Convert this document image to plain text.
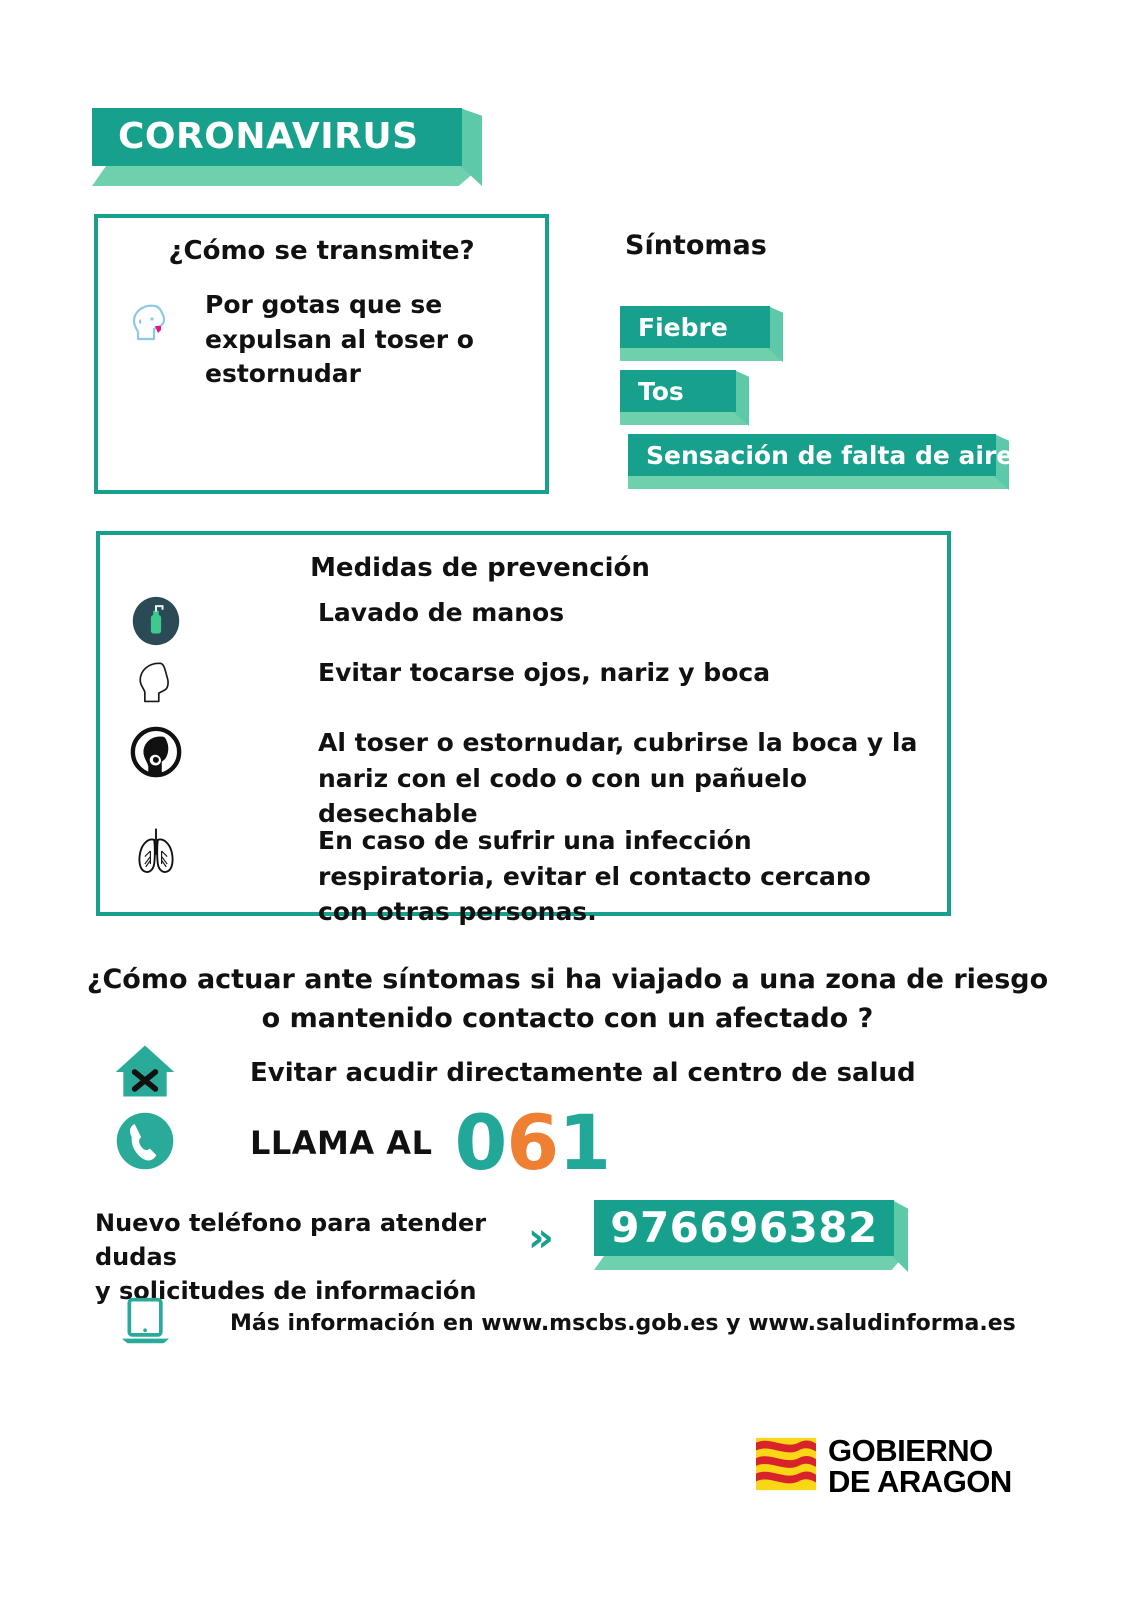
CORONAVIRUS
¿Cómo se transmite?
Por gotas que se expulsan al toser o estornudar
Síntomas
Fiebre
Tos
Sensación de falta de aire
Medidas de prevención
Lavado de manos
Evitar tocarse ojos, nariz y boca
Al toser o estornudar, cubrirse la boca y la nariz con el codo o con un pañuelo desechable
En caso de sufrir una infección respiratoria, evitar el contacto cercano con otras personas.
¿Cómo actuar ante síntomas si ha viajado a una zona de riesgo o mantenido contacto con un afectado ?
Evitar acudir directamente al centro de salud
LLAMA AL 061
Nuevo teléfono para atender dudas
y solicitudes de información
» 976696382
Más información en www.mscbs.gob.es y www.saludinforma.es
GOBIERNO
DE ARAGON
